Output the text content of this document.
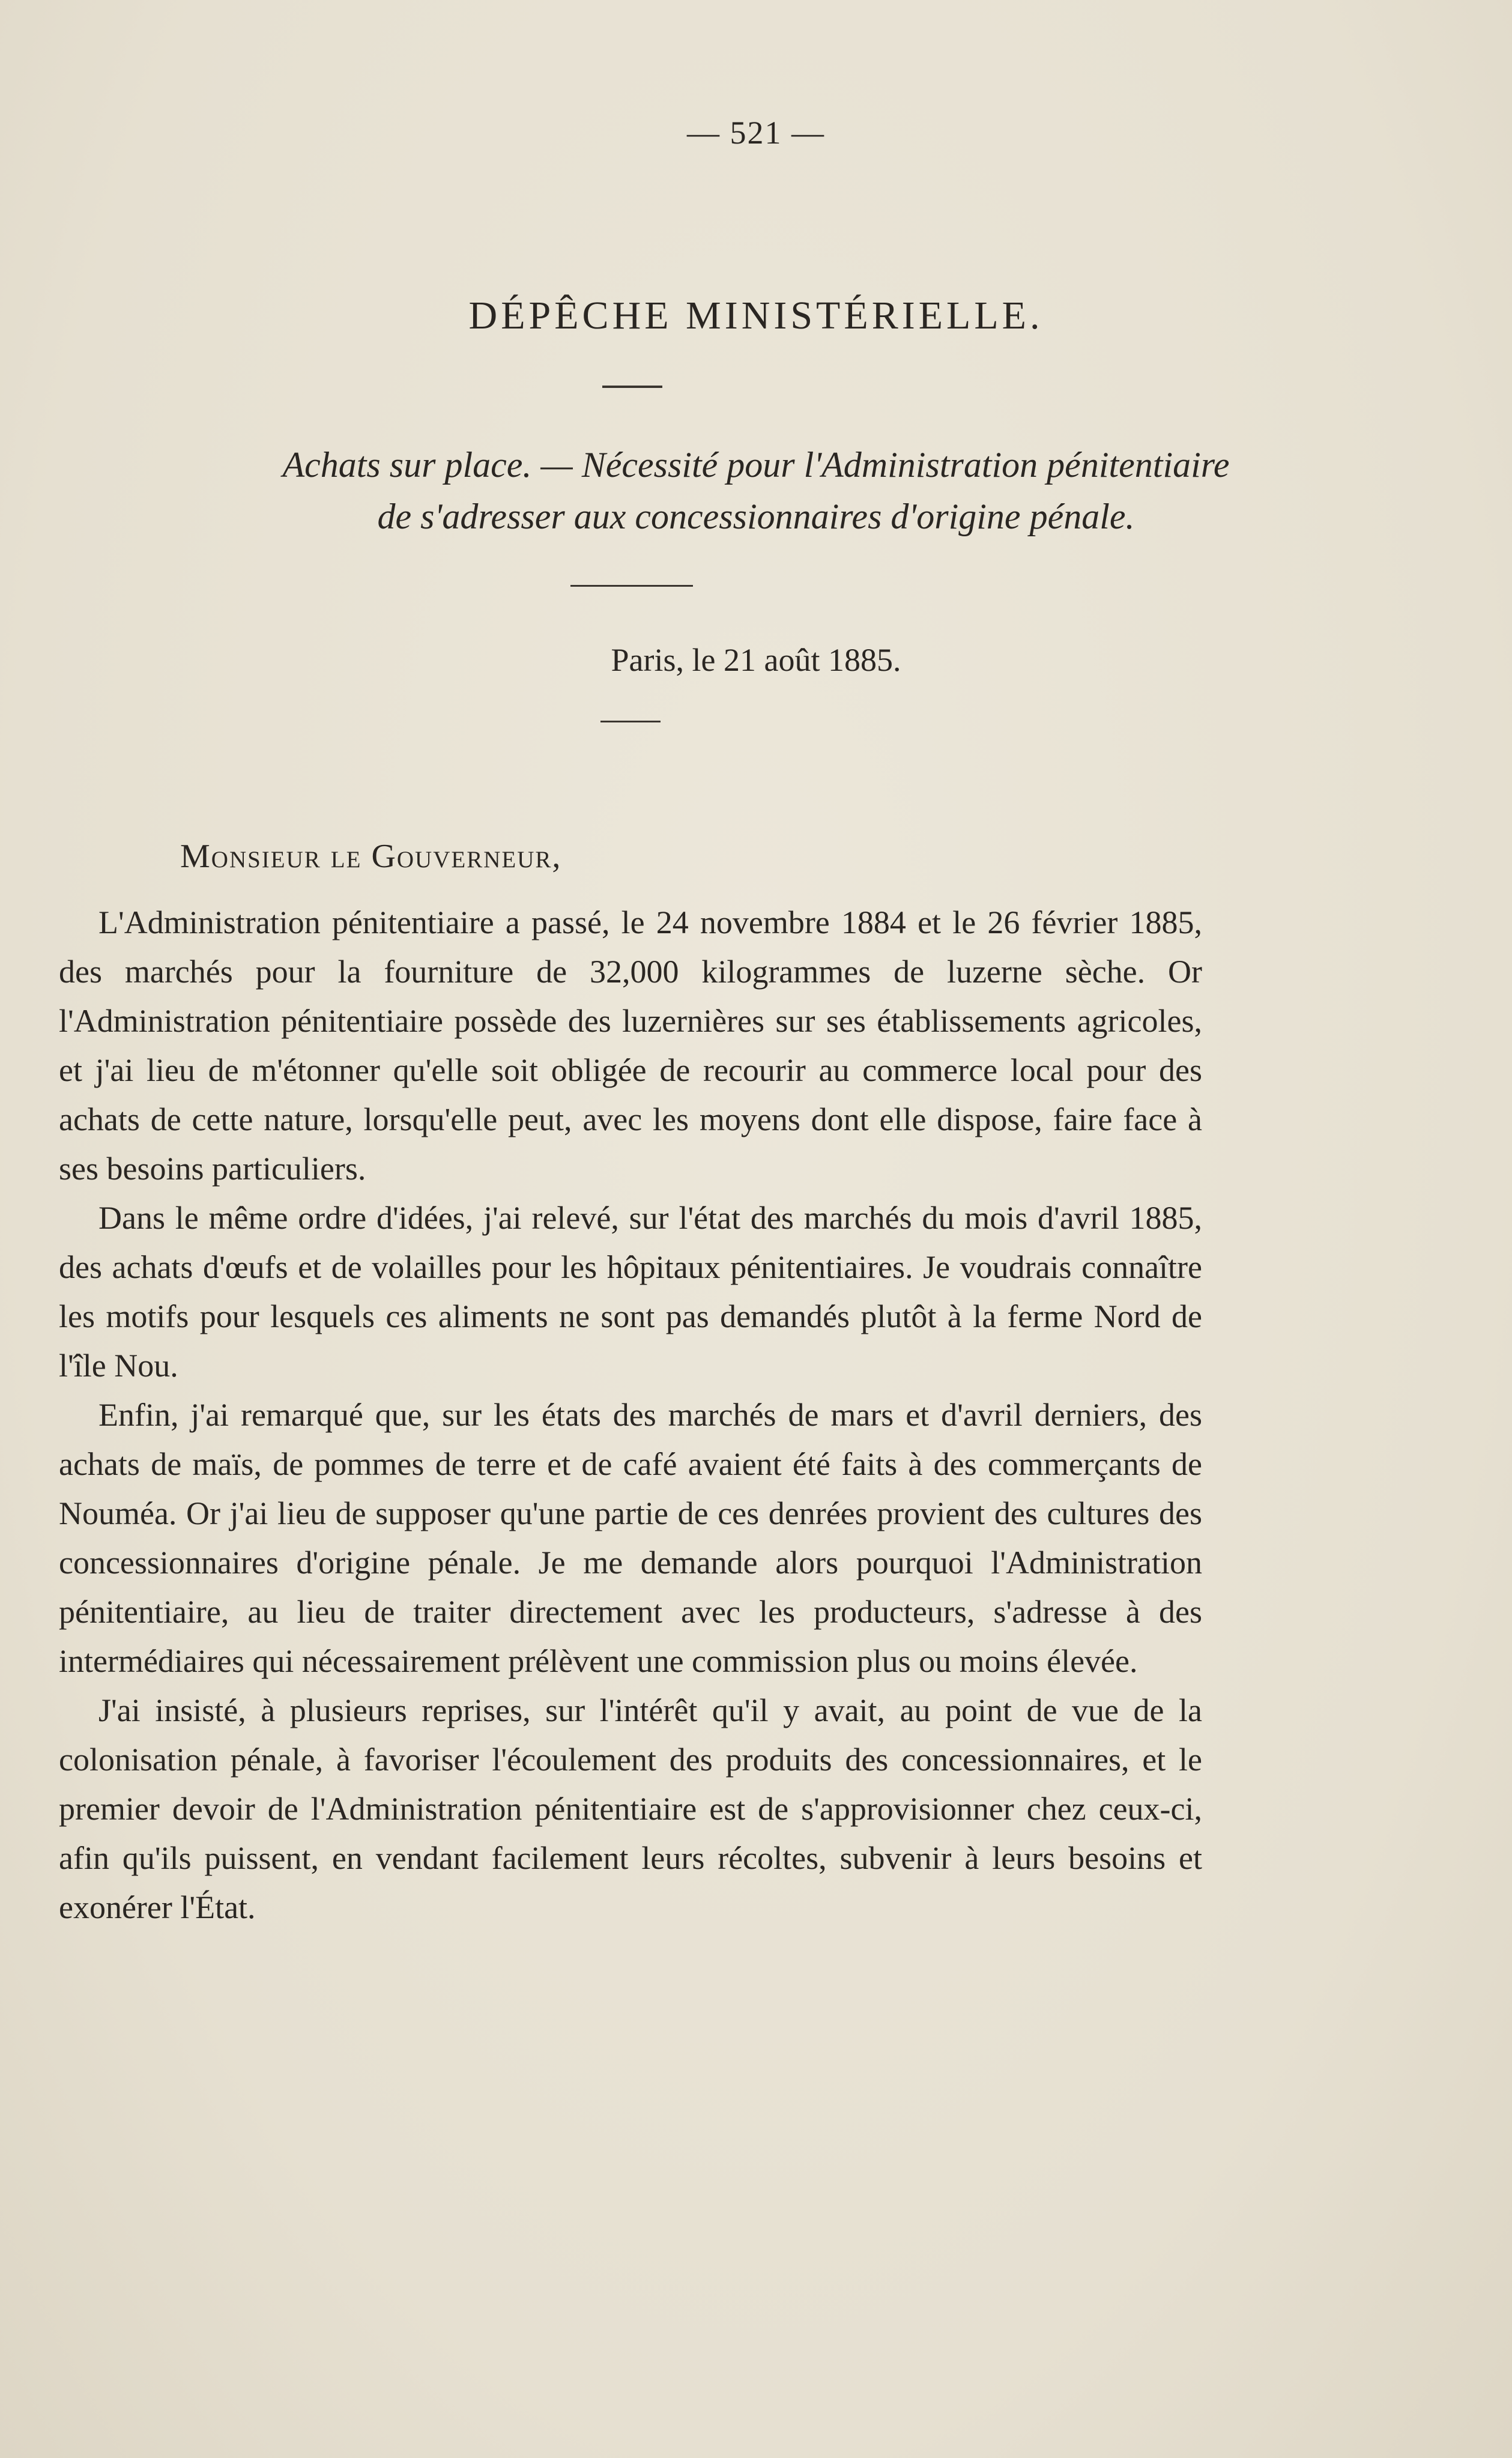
— 521 —
DÉPÊCHE MINISTÉRIELLE.
Achats sur place. — Nécessité pour l'Administration pénitentiaire
de s'adresser aux concessionnaires d'origine pénale.
Paris, le 21 août 1885.
Monsieur le Gouverneur,

L'Administration pénitentiaire a passé, le 24 novembre 1884 et le 26 février 1885, des marchés pour la fourniture de 32,000 kilogrammes de luzerne sèche. Or l'Administration pénitentiaire possède des luzernières sur ses établissements agricoles, et j'ai lieu de m'étonner qu'elle soit obligée de recourir au commerce local pour des achats de cette nature, lorsqu'elle peut, avec les moyens dont elle dispose, faire face à ses besoins particuliers.

Dans le même ordre d'idées, j'ai relevé, sur l'état des marchés du mois d'avril 1885, des achats d'œufs et de volailles pour les hôpitaux pénitentiaires. Je voudrais connaître les motifs pour lesquels ces aliments ne sont pas demandés plutôt à la ferme Nord de l'île Nou.

Enfin, j'ai remarqué que, sur les états des marchés de mars et d'avril derniers, des achats de maïs, de pommes de terre et de café avaient été faits à des commerçants de Nouméa. Or j'ai lieu de supposer qu'une partie de ces denrées provient des cultures des concessionnaires d'origine pénale. Je me demande alors pourquoi l'Administration pénitentiaire, au lieu de traiter directement avec les producteurs, s'adresse à des intermédiaires qui nécessairement prélèvent une commission plus ou moins élevée.

J'ai insisté, à plusieurs reprises, sur l'intérêt qu'il y avait, au point de vue de la colonisation pénale, à favoriser l'écoulement des produits des concessionnaires, et le premier devoir de l'Administration pénitentiaire est de s'approvisionner chez ceux-ci, afin qu'ils puissent, en vendant facilement leurs récoltes, subvenir à leurs besoins et exonérer l'État.
